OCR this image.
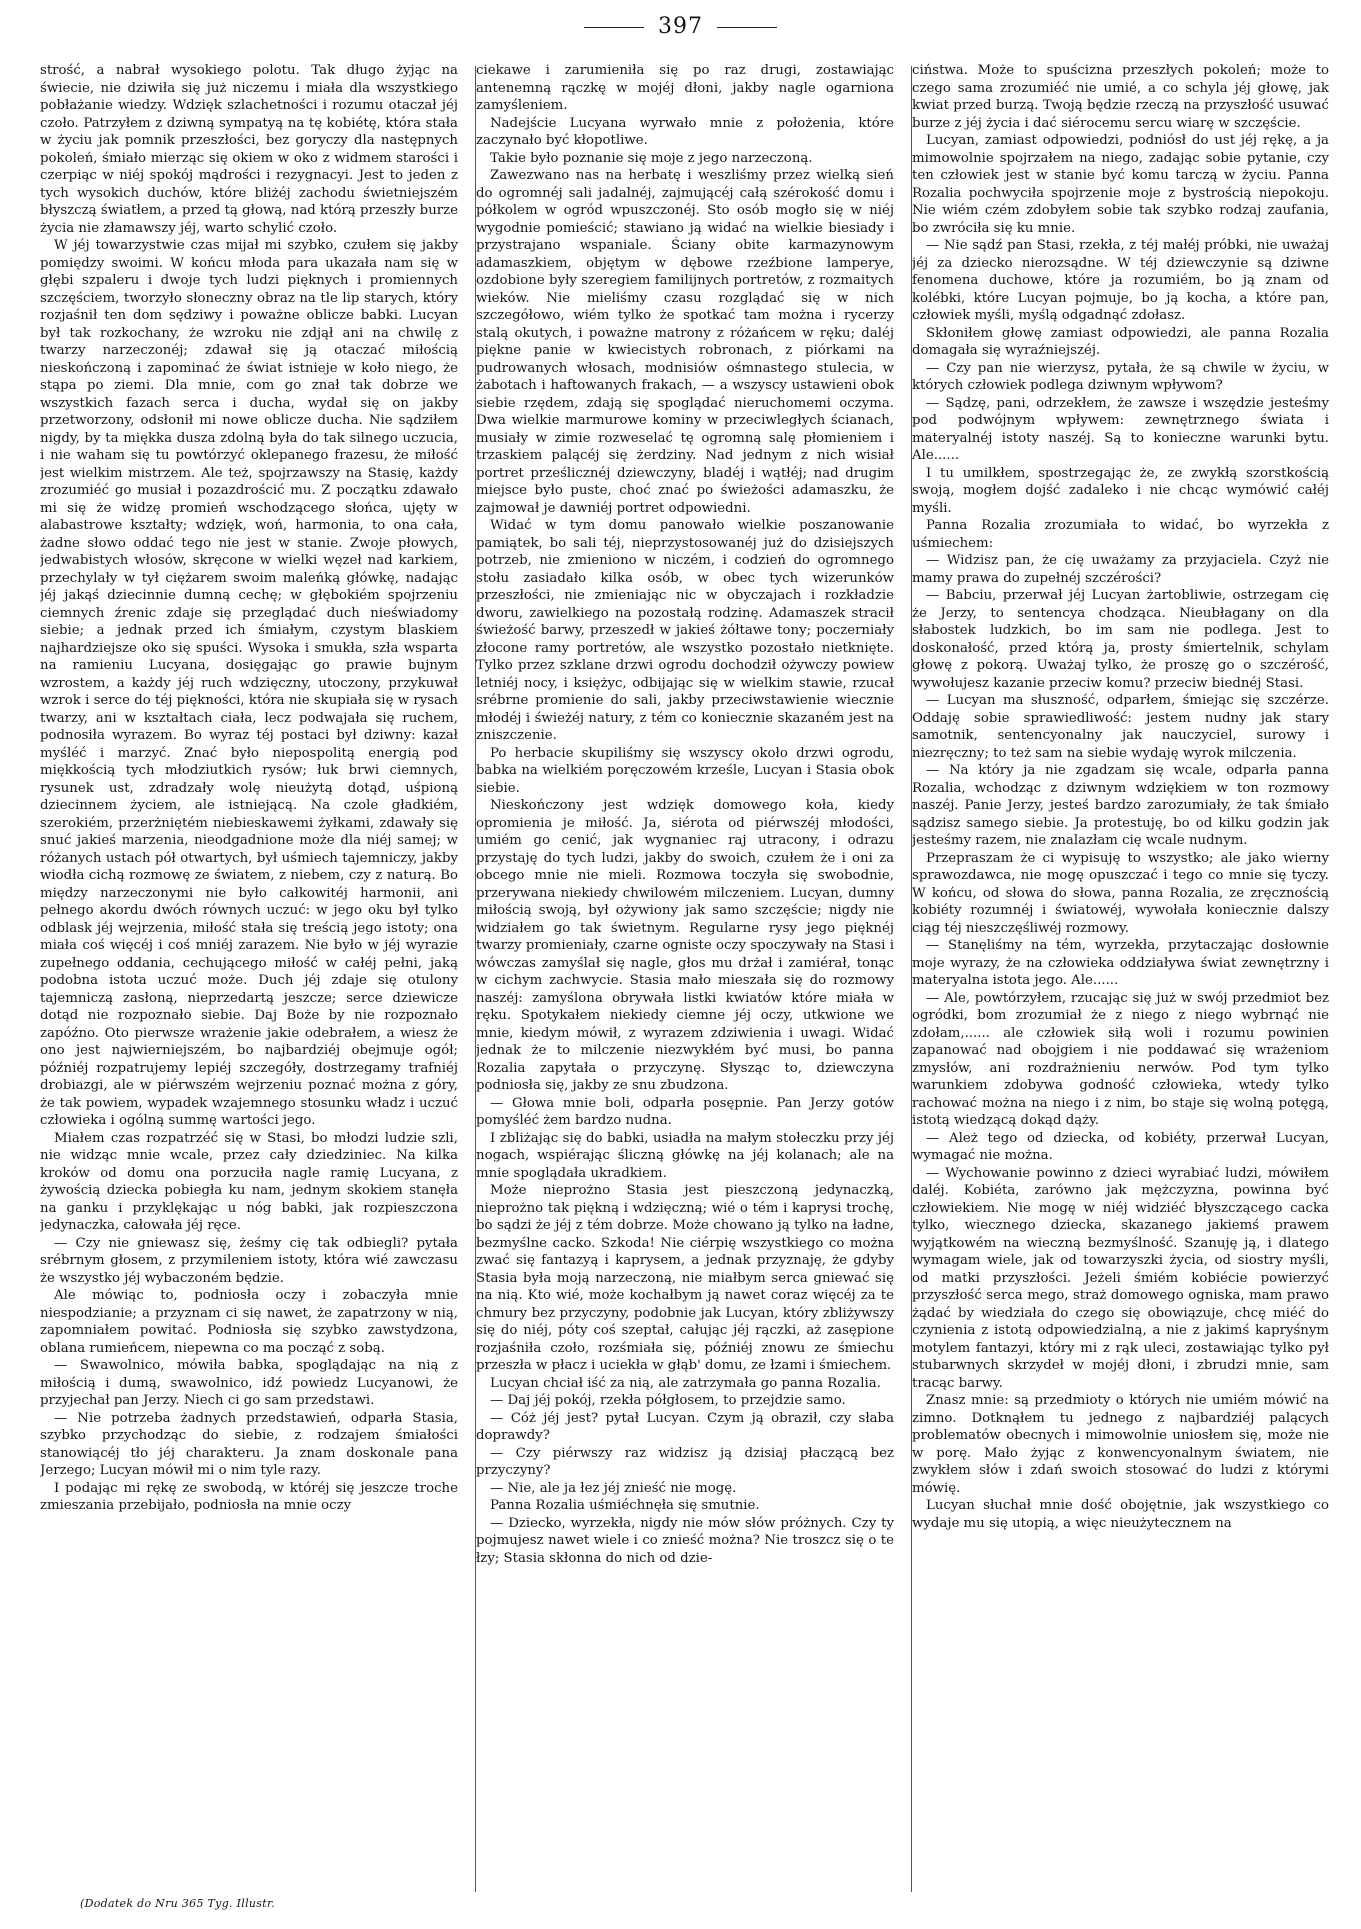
397

strość, a nabrał wysokiego polotu. Tak długo żyjąc na świecie, nie dziwiła się już niczemu i miała dla wszystkiego pobłażanie wiedzy. Wdzięk szlachetności i rozumu otaczał jéj czoło. Patrzyłem z dziwną sympatyą na tę kobiétę, która stała w życiu jak pomnik przeszłości, bez goryczy dla następnych pokoleń, śmiało mierząc się okiem w oko z widmem starości i czerpiąc w niéj spokój mądrości i rezygnacyi. Jest to jeden z tych wysokich duchów, które bliżéj zachodu świetniejszém błyszczą światłem, a przed tą głową, nad którą przeszły burze życia nie złamawszy jéj, warto schylić czoło.

W jéj towarzystwie czas mijał mi szybko, czułem się jakby pomiędzy swoimi. W końcu młoda para ukazała nam się w głębi szpaleru i dwoje tych ludzi pięknych i promiennych szczęściem, tworzyło słoneczny obraz na tle lip starych, który rozjaśnił ten dom sędziwy i poważne oblicze babki. Lucyan był tak rozkochany, że wzroku nie zdjął ani na chwilę z twarzy narzeczonéj; zdawał się ją otaczać miłością nieskończoną i zapominać że świat istnieje w koło niego, że stąpa po ziemi. Dla mnie, com go znał tak dobrze we wszystkich fazach serca i ducha, wydał się on jakby przetworzony, odsłonił mi nowe oblicze ducha. Nie sądziłem nigdy, by ta miękka dusza zdolną była do tak silnego uczucia, i nie waham się tu powtórzyć oklepanego frazesu, że miłość jest wielkim mistrzem. Ale też, spojrzawszy na Stasię, każdy zrozumiéć go musiał i pozazdrościć mu. Z początku zdawało mi się że widzę promień wschodzącego słońca, ujęty w alabastrowe kształty; wdzięk, woń, harmonia, to ona cała, żadne słowo oddać tego nie jest w stanie. Zwoje płowych, jedwabistych włosów, skręcone w wielki węzeł nad karkiem, przechylały w tył ciężarem swoim maleńką główkę, nadając jéj jakąś dziecinnie dumną cechę; w głębokiém spojrzeniu ciemnych źrenic zdaje się przeglądać duch nieświadomy siebie; a jednak przed ich śmiałym, czystym blaskiem najhardziejsze oko się spuści. Wysoka i smukła, szła wsparta na ramieniu Lucyana, dosięgając go prawie bujnym wzrostem, a każdy jéj ruch wdzięczny, utoczony, przykuwał wzrok i serce do téj piękności, która nie skupiała się w rysach twarzy, ani w kształtach ciała, lecz podwajała się ruchem, podnosiła wyrazem. Bo wyraz téj postaci był dziwny: kazał myśléć i marzyć. Znać było niepospolitą energią pod miękkością tych młodziutkich rysów; łuk brwi ciemnych, rysunek ust, zdradzały wolę nieużytą dotąd, uśpioną dziecinnem życiem, ale istniejącą. Na czole gładkiém, szerokiém, przerżniętém niebieskawemi żyłkami, zdawały się snuć jakieś marzenia, nieodgadnione może dla niéj samej; w różanych ustach pół otwartych, był uśmiech tajemniczy, jakby wiodła cichą rozmowę ze światem, z niebem, czy z naturą. Bo między narzeczonymi nie było całkowitéj harmonii, ani pełnego akordu dwóch równych uczuć: w jego oku był tylko odblask jéj wejrzenia, miłość stała się treścią jego istoty; ona miała coś więcéj i coś mniéj zarazem. Nie było w jéj wyrazie zupełnego oddania, cechującego miłość w całéj pełni, jaką podobna istota uczuć może. Duch jéj zdaje się otulony tajemniczą zasłoną, nieprzedartą jeszcze; serce dziewicze dotąd nie rozpoznało siebie. Daj Boże by nie rozpoznało zapóźno. Oto pierwsze wrażenie jakie odebrałem, a wiesz że ono jest najwierniejszém, bo najbardziéj obejmuje ogół; późniéj rozpatrujemy lepiéj szczegóły, dostrzegamy trafniéj drobiazgi, ale w piérwszém wejrzeniu poznać można z góry, że tak powiem, wypadek wzajemnego stosunku władz i uczuć człowieka i ogólną summę wartości jego.

Miałem czas rozpatrzéć się w Stasi, bo młodzi ludzie szli, nie widząc mnie wcale, przez cały dziedziniec. Na kilka kroków od domu ona porzuciła nagle ramię Lucyana, z żywością dziecka pobiegła ku nam, jednym skokiem stanęła na ganku i przyklękając u nóg babki, jak rozpieszczona jedynaczka, całowała jéj ręce.

— Czy nie gniewasz się, żeśmy cię tak odbiegli? pytała srébrnym głosem, z przymileniem istoty, która wié zawczasu że wszystko jéj wybaczoném będzie.

Ale mówiąc to, podniosła oczy i zobaczyła mnie niespodzianie; a przyznam ci się nawet, że zapatrzony w nią, zapomniałem powitać. Podniosła się szybko zawstydzona, oblana rumieńcem, niepewna co ma począć z sobą.

— Swawolnico, mówiła babka, spoglądając na nią z miłością i dumą, swawolnico, idź powiedz Lucyanowi, że przyjechał pan Jerzy. Niech ci go sam przedstawi.

— Nie potrzeba żadnych przedstawień, odparła Stasia, szybko przychodząc do siebie, z rodzajem śmiałości stanowiącéj tło jéj charakteru. Ja znam doskonale pana Jerzego; Lucyan mówił mi o nim tyle razy.

I podając mi rękę ze swobodą, w któréj się jeszcze troche zmieszania przebijało, podniosła na mnie oczy

ciekawe i zarumieniła się po raz drugi, zostawiając antenemną rączkę w mojéj dłoni, jakby nagle ogarniona zamyśleniem.

Nadejście Lucyana wyrwało mnie z położenia, które zaczynało być kłopotliwe.

Takie było poznanie się moje z jego narzeczoną.

Zawezwano nas na herbatę i weszliśmy przez wielką sień do ogromnéj sali jadalnéj, zajmującéj całą szérokość domu i półkolem w ogród wpuszczonéj. Sto osób mogło się w niéj wygodnie pomieścić; stawiano ją widać na wielkie biesiady i przystrajano wspaniale. Ściany obite karmazynowym adamaszkiem, objętym w dębowe rzeźbione lamperye, ozdobione były szeregiem familijnych portretów, z rozmaitych wieków. Nie mieliśmy czasu rozglądać się w nich szczegółowo, wiém tylko że spotkać tam można i rycerzy stalą okutych, i poważne matrony z różańcem w ręku; daléj piękne panie w kwiecistych robronach, z piórkami na pudrowanych włosach, modnisiów ośmnastego stulecia, w żabotach i haftowanych frakach, — a wszyscy ustawieni obok siebie rzędem, zdają się spoglądać nieruchomemi oczyma. Dwa wielkie marmurowe kominy w przeciwległych ścianach, musiały w zimie rozweselać tę ogromną salę płomieniem i trzaskiem palącéj się żerdziny. Nad jednym z nich wisiał portret prześlicznéj dziewczyny, bladéj i wątłéj; nad drugim miejsce było puste, choć znać po świeżości adamaszku, że zajmował je dawniéj portret odpowiedni.

Widać w tym domu panowało wielkie poszanowanie pamiątek, bo sali téj, nieprzystosowanéj już do dzisiejszych potrzeb, nie zmieniono w niczém, i codzień do ogromnego stołu zasiadało kilka osób, w obec tych wizerunków przeszłości, nie zmieniając nic w obyczajach i rozkładzie dworu, zawielkiego na pozostałą rodzinę. Adamaszek stracił świeżość barwy, przeszedł w jakieś żółtawe tony; poczerniały złocone ramy portretów, ale wszystko pozostało nietknięte. Tylko przez szklane drzwi ogrodu dochodził ożywczy powiew letniéj nocy, i księżyc, odbijając się w wielkim stawie, rzucał srébrne promienie do sali, jakby przeciwstawienie wiecznie młodéj i świeżéj natury, z tém co koniecznie skazaném jest na zniszczenie.

Po herbacie skupiliśmy się wszyscy około drzwi ogrodu, babka na wielkiém poręczowém krześle, Lucyan i Stasia obok siebie.

Nieskończony jest wdzięk domowego koła, kiedy opromienia je miłość. Ja, siérota od piérwszéj młodości, umiém go cenić, jak wygnaniec raj utracony, i odrazu przystaję do tych ludzi, jakby do swoich, czułem że i oni za obcego mnie nie mieli. Rozmowa toczyła się swobodnie, przerywana niekiedy chwilowém milczeniem. Lucyan, dumny miłością swoją, był ożywiony jak samo szczęście; nigdy nie widziałem go tak świetnym. Regularne rysy jego pięknéj twarzy promieniały, czarne ogniste oczy spoczywały na Stasi i wówczas zamyślał się nagle, głos mu drżał i zamiérał, tonąc w cichym zachwycie. Stasia mało mieszała się do rozmowy naszéj: zamyślona obrywała listki kwiatów które miała w ręku. Spotykałem niekiedy ciemne jéj oczy, utkwione we mnie, kiedym mówił, z wyrazem zdziwienia i uwagi. Widać jednak że to milczenie niezwykłém być musi, bo panna Rozalia zapytała o przyczynę. Słysząc to, dziewczyna podniosła się, jakby ze snu zbudzona.

— Głowa mnie boli, odparła posępnie. Pan Jerzy gotów pomyśléć żem bardzo nudna.

I zbliżając się do babki, usiadła na małym stołeczku przy jéj nogach, wspiérając śliczną główkę na jéj kolanach; ale na mnie spoglądała ukradkiem.

Może nieprożno Stasia jest pieszczoną jedynaczką, nieprożno tak piękną i wdzięczną; wié o tém i kaprysi trochę, bo sądzi że jéj z tém dobrze. Może chowano ją tylko na ładne, bezmyślne cacko. Szkoda! Nie ciérpię wszystkiego co można zwać się fantazyą i kaprysem, a jednak przyznaję, że gdyby Stasia była moją narzeczoną, nie miałbym serca gniewać się na nią. Kto wié, może kochałbym ją nawet coraz więcéj za te chmury bez przyczyny, podobnie jak Lucyan, który zbliżywszy się do niéj, póty coś szeptał, całując jéj rączki, aż zasępione rozjaśniła czoło, rozśmiała się, późniéj znowu ze śmiechu przeszła w płacz i uciekła w głąb' domu, ze łzami i śmiechem.

Lucyan chciał iść za nią, ale zatrzymała go panna Rozalia.

— Daj jéj pokój, rzekła półgłosem, to przejdzie samo.

— Cóż jéj jest? pytał Lucyan. Czym ją obraził, czy słaba doprawdy?

— Czy piérwszy raz widzisz ją dzisiaj płaczącą bez przyczyny?

— Nie, ale ja łez jéj znieść nie mogę.

Panna Rozalia uśmiéchnęła się smutnie.

— Dziecko, wyrzekła, nigdy nie mów słów próżnych. Czy ty pojmujesz nawet wiele i co znieść można? Nie troszcz się o te łzy; Stasia skłonna do nich od dzie-

ciństwa. Może to spuścizna przeszłych pokoleń; może to czego sama zrozumiéć nie umié, a co schyla jéj głowę, jak kwiat przed burzą. Twoją będzie rzeczą na przyszłość usuwać burze z jéj życia i dać siérocemu sercu wiarę w szczęście.

Lucyan, zamiast odpowiedzi, podniósł do ust jéj rękę, a ja mimowolnie spojrzałem na niego, zadając sobie pytanie, czy ten człowiek jest w stanie być komu tarczą w życiu. Panna Rozalia pochwyciła spojrzenie moje z bystrością niepokoju. Nie wiém czém zdobyłem sobie tak szybko rodzaj zaufania, bo zwróciła się ku mnie.

— Nie sądź pan Stasi, rzekła, z téj małéj próbki, nie uważaj jéj za dziecko nierozsądne. W téj dziewczynie są dziwne fenomena duchowe, które ja rozumiém, bo ją znam od kolébki, które Lucyan pojmuje, bo ją kocha, a które pan, człowiek myśli, myślą odgadnąć zdołasz.

Skłoniłem głowę zamiast odpowiedzi, ale panna Rozalia domagała się wyraźniejszéj.

— Czy pan nie wierzysz, pytała, że są chwile w życiu, w których człowiek podlega dziwnym wpływom?

— Sądzę, pani, odrzekłem, że zawsze i wszędzie jesteśmy pod podwójnym wpływem: zewnętrznego świata i materyalnéj istoty naszéj. Są to konieczne warunki bytu. Ale......

I tu umilkłem, spostrzegając że, ze zwykłą szorstkością swoją, mogłem dojść zadaleko i nie chcąc wymówić całéj myśli.

Panna Rozalia zrozumiała to widać, bo wyrzekła z uśmiechem:

— Widzisz pan, że cię uważamy za przyjaciela. Czyż nie mamy prawa do zupełnéj szczérości?

— Babciu, przerwał jéj Lucyan żartobliwie, ostrzegam cię że Jerzy, to sentencya chodząca. Nieubłagany on dla słabostek ludzkich, bo im sam nie podlega. Jest to doskonałość, przed którą ja, prosty śmiertelnik, schylam głowę z pokorą. Uważaj tylko, że proszę go o szczérość, wywołujesz kazanie przeciw komu? przeciw biednéj Stasi.

— Lucyan ma słuszność, odparłem, śmiejąc się szczérze. Oddaję sobie sprawiedliwość: jestem nudny jak stary samotnik, sentencyonalny jak nauczyciel, surowy i niezręczny; to też sam na siebie wydaję wyrok milczenia.

— Na który ja nie zgadzam się wcale, odparła panna Rozalia, wchodząc z dziwnym wdziękiem w ton rozmowy naszéj. Panie Jerzy, jesteś bardzo zarozumiały, że tak śmiało sądzisz samego siebie. Ja protestuję, bo od kilku godzin jak jesteśmy razem, nie znalazłam cię wcale nudnym.

Przepraszam że ci wypisuję to wszystko; ale jako wierny sprawozdawca, nie mogę opuszczać i tego co mnie się tyczy. W końcu, od słowa do słowa, panna Rozalia, ze zręcznością kobiéty rozumnéj i światowéj, wywołała koniecznie dalszy ciąg téj nieszczęśliwéj rozmowy.

— Stanęliśmy na tém, wyrzekła, przytaczając dosłownie moje wyrazy, że na człowieka oddziaływa świat zewnętrzny i materyalna istota jego. Ale......

— Ale, powtórzyłem, rzucając się już w swój przedmiot bez ogródki, bom zrozumiał że z niego z niego wybrnąć nie zdołam,...... ale człowiek siłą woli i rozumu powinien zapanować nad obojgiem i nie poddawać się wrażeniom zmysłów, ani rozdrażnieniu nerwów. Pod tym tylko warunkiem zdobywa godność człowieka, wtedy tylko rachować można na niego i z nim, bo staje się wolną potęgą, istotą wiedzącą dokąd dąży.

— Ależ tego od dziecka, od kobiéty, przerwał Lucyan, wymagać nie można.

— Wychowanie powinno z dzieci wyrabiać ludzi, mówiłem daléj. Kobiéta, zarówno jak mężczyzna, powinna być człowiekiem. Nie mogę w niéj widziéć błyszczącego cacka tylko, wiecznego dziecka, skazanego jakiemś prawem wyjątkowém na wieczną bezmyślność. Szanuję ją, i dlatego wymagam wiele, jak od towarzyszki życia, od siostry myśli, od matki przyszłości. Jeżeli śmiém kobiécie powierzyć przyszłość serca mego, straż domowego ogniska, mam prawo żądać by wiedziała do czego się obowiązuje, chcę miéć do czynienia z istotą odpowiedzialną, a nie z jakimś kapryśnym motylem fantazyi, który mi z rąk uleci, zostawiając tylko pył stubarwnych skrzydeł w mojéj dłoni, i zbrudzi mnie, sam tracąc barwy.

Znasz mnie: są przedmioty o których nie umiém mówić na zimno. Dotknąłem tu jednego z najbardziéj palących problematów obecnych i mimowolnie uniosłem się, może nie w porę. Mało żyjąc z konwencyonalnym światem, nie zwykłem słów i zdań swoich stosować do ludzi z którymi mówię.

Lucyan słuchał mnie dość obojętnie, jak wszystkiego co wydaje mu się utopią, a więc nieużytecznem na

(Dodatek do Nru 365 Tyg. Illustr.
